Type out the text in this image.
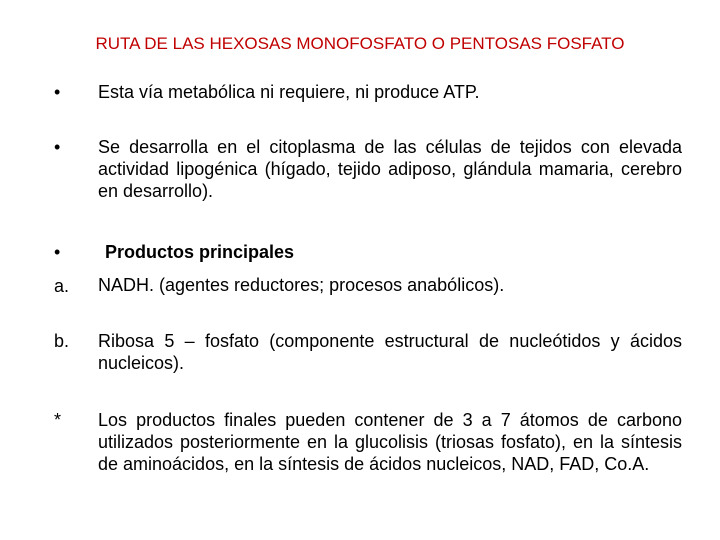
RUTA DE LAS HEXOSAS MONOFOSFATO O PENTOSAS FOSFATO
• Esta vía metabólica ni requiere, ni produce ATP.
• Se desarrolla en el citoplasma de las células de tejidos con elevada actividad lipogénica (hígado, tejido adiposo, glándula mamaria, cerebro en desarrollo).
•	Productos principales
a. NADH. (agentes reductores; procesos anabólicos).
b. Ribosa 5 – fosfato (componente estructural de nucleótidos y ácidos nucleicos).
* Los productos finales pueden contener de 3 a 7 átomos de carbono utilizados posteriormente en la glucolisis (triosas fosfato), en la síntesis de aminoácidos, en la síntesis de ácidos nucleicos, NAD, FAD, Co.A.
